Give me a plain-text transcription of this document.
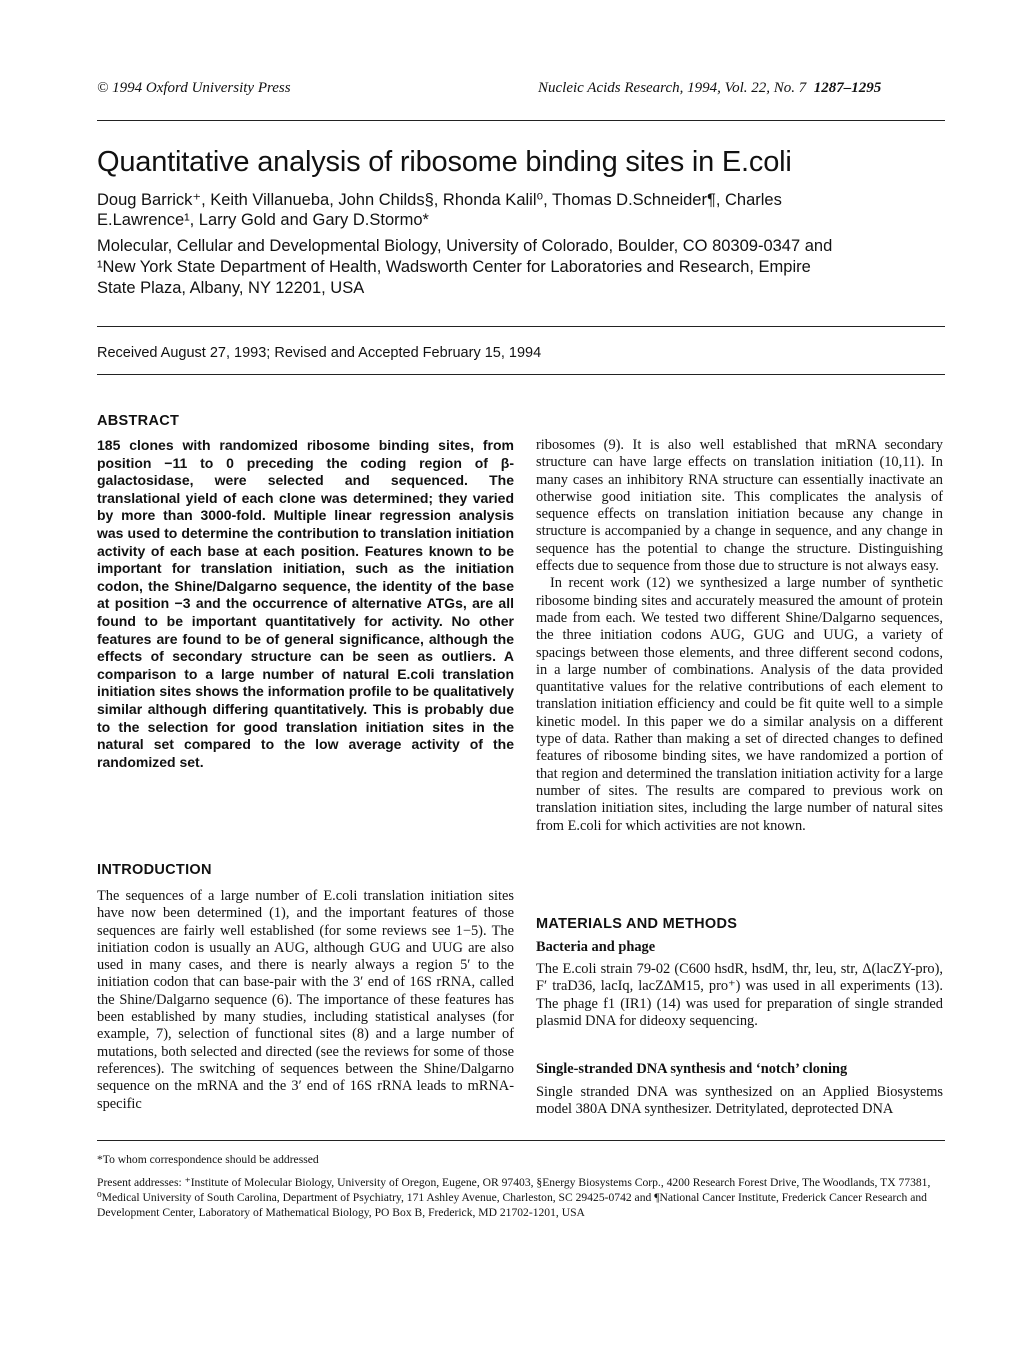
© 1994 Oxford University Press	Nucleic Acids Research, 1994, Vol. 22, No. 7 1287–1295
Quantitative analysis of ribosome binding sites in E.coli
Doug Barrick⁺, Keith Villanueba, John Childs§, Rhonda Kalil⁰, Thomas D.Schneider¶, Charles
E.Lawrence¹, Larry Gold and Gary D.Stormo*
Molecular, Cellular and Developmental Biology, University of Colorado, Boulder, CO 80309-0347 and
¹New York State Department of Health, Wadsworth Center for Laboratories and Research, Empire
State Plaza, Albany, NY 12201, USA
Received August 27, 1993; Revised and Accepted February 15, 1994
ABSTRACT
185 clones with randomized ribosome binding sites, from position −11 to 0 preceding the coding region of β-galactosidase, were selected and sequenced. The translational yield of each clone was determined; they varied by more than 3000-fold. Multiple linear regression analysis was used to determine the contribution to translation initiation activity of each base at each position. Features known to be important for translation initiation, such as the initiation codon, the Shine/Dalgarno sequence, the identity of the base at position −3 and the occurrence of alternative ATGs, are all found to be important quantitatively for activity. No other features are found to be of general significance, although the effects of secondary structure can be seen as outliers. A comparison to a large number of natural E.coli translation initiation sites shows the information profile to be qualitatively similar although differing quantitatively. This is probably due to the selection for good translation initiation sites in the natural set compared to the low average activity of the randomized set.
INTRODUCTION

The sequences of a large number of E.coli translation initiation sites have now been determined (1), and the important features of those sequences are fairly well established (for some reviews see 1−5). The initiation codon is usually an AUG, although GUG and UUG are also used in many cases, and there is nearly always a region 5′ to the initiation codon that can base-pair with the 3′ end of 16S rRNA, called the Shine/Dalgarno sequence (6). The importance of these features has been established by many studies, including statistical analyses (for example, 7), selection of functional sites (8) and a large number of mutations, both selected and directed (see the reviews for some of those references). The switching of sequences between the Shine/Dalgarno sequence on the mRNA and the 3′ end of 16S rRNA leads to mRNA-specific

ribosomes (9). It is also well established that mRNA secondary structure can have large effects on translation initiation (10,11). In many cases an inhibitory RNA structure can essentially inactivate an otherwise good initiation site. This complicates the analysis of sequence effects on translation initiation because any change in structure is accompanied by a change in sequence, and any change in sequence has the potential to change the structure. Distinguishing effects due to sequence from those due to structure is not always easy.

In recent work (12) we synthesized a large number of synthetic ribosome binding sites and accurately measured the amount of protein made from each. We tested two different Shine/Dalgarno sequences, the three initiation codons AUG, GUG and UUG, a variety of spacings between those elements, and three different second codons, in a large number of combinations. Analysis of the data provided quantitative values for the relative contributions of each element to translation initiation efficiency and could be fit quite well to a simple kinetic model. In this paper we do a similar analysis on a different type of data. Rather than making a set of directed changes to defined features of ribosome binding sites, we have randomized a portion of that region and determined the translation initiation activity for a large number of sites. The results are compared to previous work on translation initiation sites, including the large number of natural sites from E.coli for which activities are not known.

MATERIALS AND METHODS
Bacteria and phage
The E.coli strain 79-02 (C600 hsdR, hsdM, thr, leu, str, Δ(lacZY-pro), F′ traD36, lacIq, lacZΔM15, pro⁺) was used in all experiments (13). The phage f1 (IR1) (14) was used for preparation of single stranded plasmid DNA for dideoxy sequencing.
Single-stranded DNA synthesis and ‘notch’ cloning
Single stranded DNA was synthesized on an Applied Biosystems model 380A DNA synthesizer. Detritylated, deprotected DNA
*To whom correspondence should be addressed
Present addresses: ⁺Institute of Molecular Biology, University of Oregon, Eugene, OR 97403, §Energy Biosystems Corp., 4200 Research Forest Drive, The Woodlands, TX 77381, ⁰Medical University of South Carolina, Department of Psychiatry, 171 Ashley Avenue, Charleston, SC 29425-0742 and ¶National Cancer Institute, Frederick Cancer Research and Development Center, Laboratory of Mathematical Biology, PO Box B, Frederick, MD 21702-1201, USA
